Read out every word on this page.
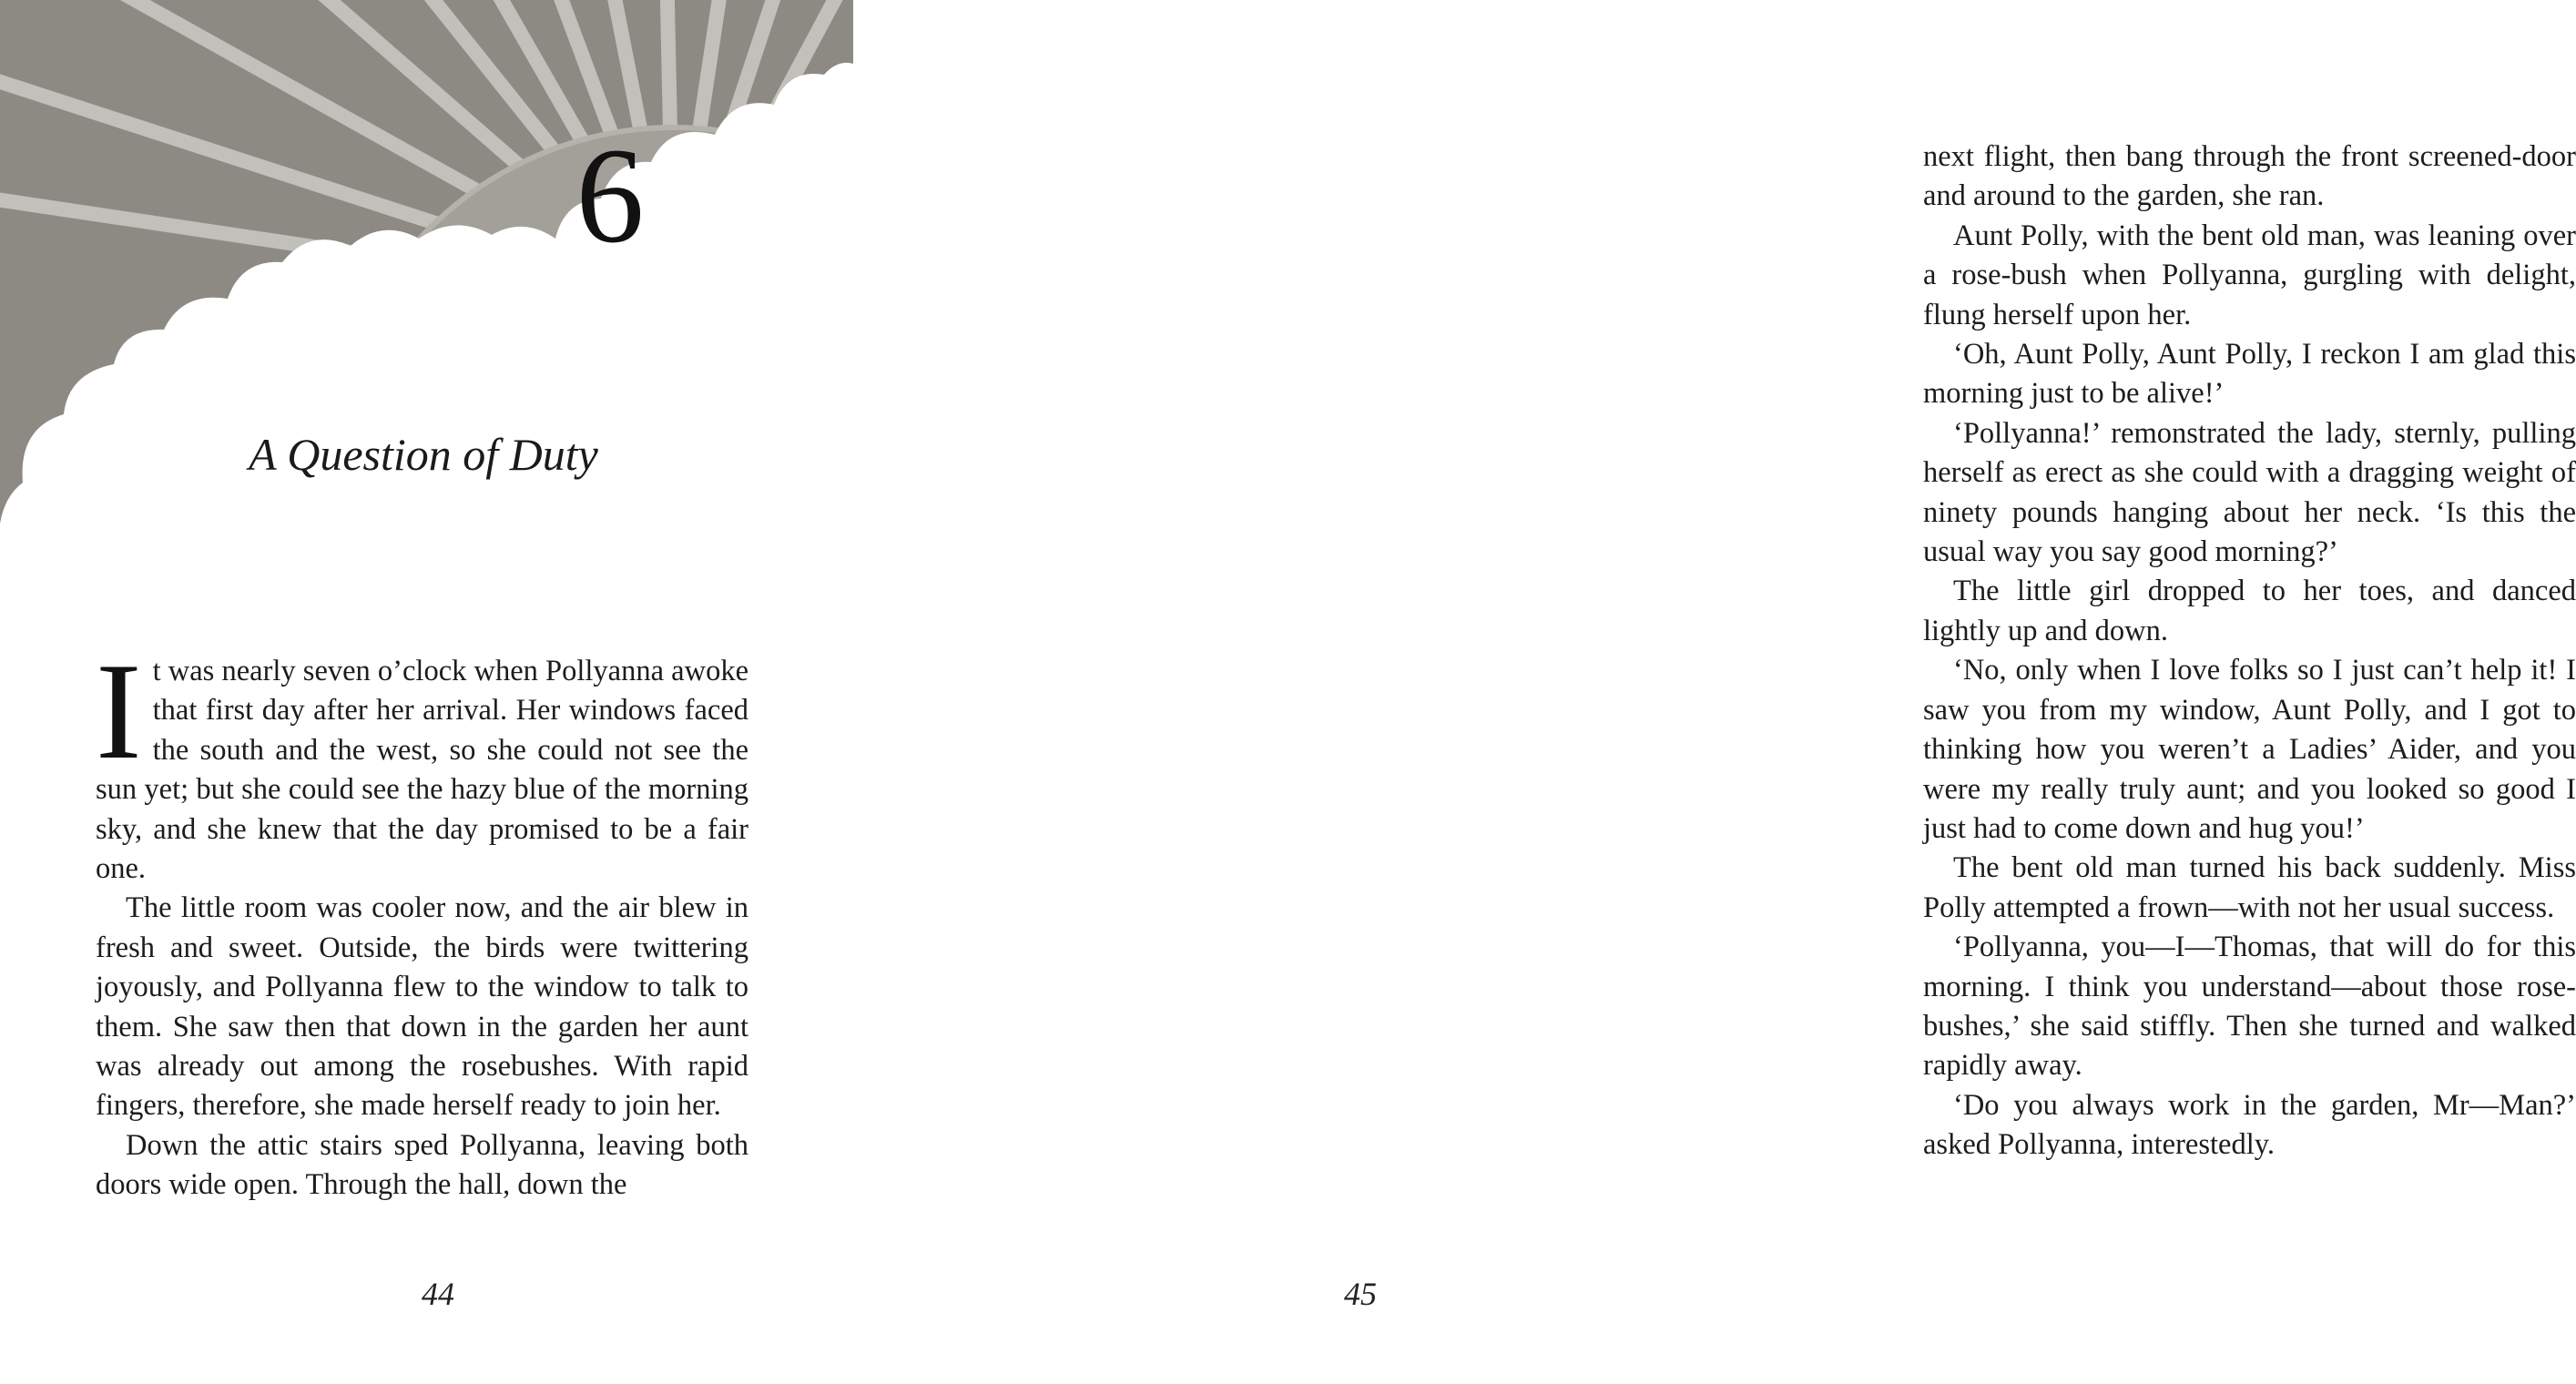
6
A Question of Duty

It was nearly seven o’clock when Pollyanna awoke that first day after her arrival. Her windows faced the south and the west, so she could not see the sun yet; but she could see the hazy blue of the morning sky, and she knew that the day promised to be a fair one.

The little room was cooler now, and the air blew in fresh and sweet. Outside, the birds were twittering joyously, and Pollyanna flew to the window to talk to them. She saw then that down in the garden her aunt was already out among the rosebushes. With rapid fingers, therefore, she made herself ready to join her.

Down the attic stairs sped Pollyanna, leaving both doors wide open. Through the hall, down the

44

next flight, then bang through the front screened-door and around to the garden, she ran.

Aunt Polly, with the bent old man, was leaning over a rose-bush when Pollyanna, gurgling with delight, flung herself upon her.

‘Oh, Aunt Polly, Aunt Polly, I reckon I am glad this morning just to be alive!’

‘Pollyanna!’ remonstrated the lady, sternly, pulling herself as erect as she could with a dragging weight of ninety pounds hanging about her neck. ‘Is this the usual way you say good morning?’

The little girl dropped to her toes, and danced lightly up and down.

‘No, only when I love folks so I just can’t help it! I saw you from my window, Aunt Polly, and I got to thinking how you weren’t a Ladies’ Aider, and you were my really truly aunt; and you looked so good I just had to come down and hug you!’

The bent old man turned his back suddenly. Miss Polly attempted a frown—with not her usual success.

‘Pollyanna, you—I—Thomas, that will do for this morning. I think you understand—about those rose-bushes,’ she said stiffly. Then she turned and walked rapidly away.

‘Do you always work in the garden, Mr—Man?’ asked Pollyanna, interestedly.

45
